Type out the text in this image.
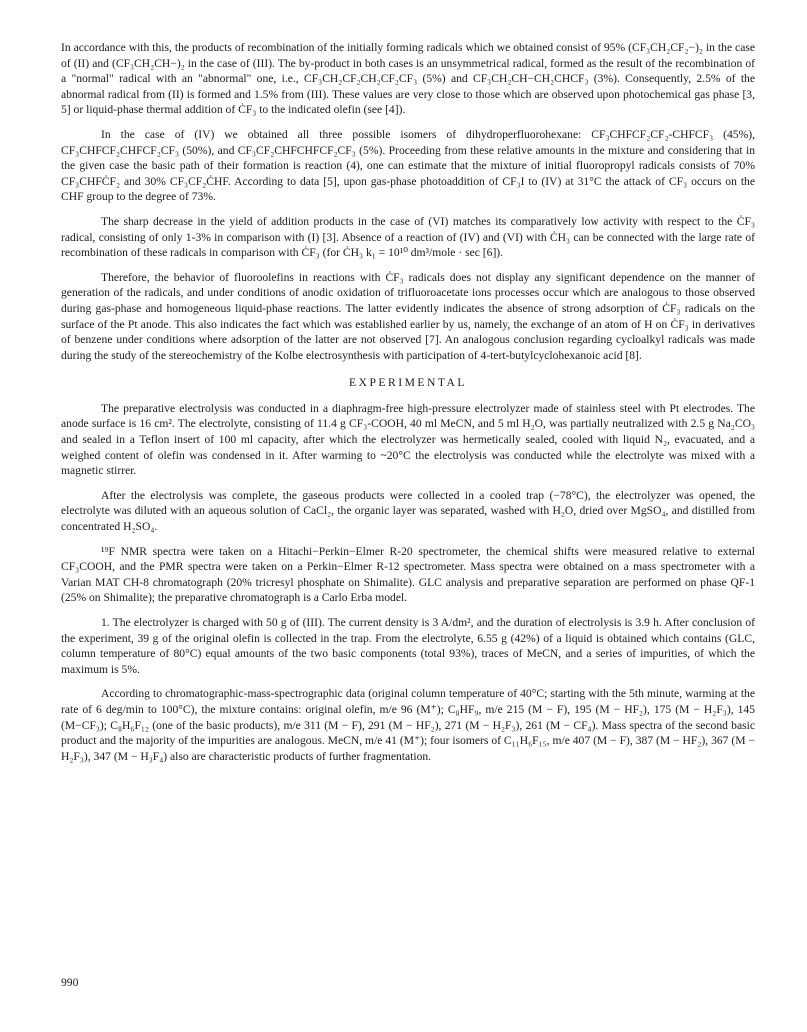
In accordance with this, the products of recombination of the initially forming radicals which we obtained consist of 95% (CF₃CH₂CF₂−)₂ in the case of (II) and (CF₃CH₂CH−)₂ in the case of (III). The by-product in both cases is an unsymmetrical radical, formed as the result of the recombination of a "normal" radical with an "abnormal" one, i.e., CF₃CH₂CF₂CH₂CF₂CF₃ (5%) and CF₃CH₂CH−CH₂CHCF₃ (3%). Consequently, 2.5% of the abnormal radical from (II) is formed and 1.5% from (III). These values are very close to those which are observed upon photochemical gas phase [3, 5] or liquid-phase thermal addition of ĊF₃ to the indicated olefin (see [4]).

In the case of (IV) we obtained all three possible isomers of dihydroperfluorohexane: CF₃CHFCF₂CF₂-CHFCF₃ (45%), CF₃CHFCF₂CHFCF₂CF₃ (50%), and CF₃CF₂CHFCHFCF₂CF₃ (5%). Proceeding from these relative amounts in the mixture and considering that in the given case the basic path of their formation is reaction (4), one can estimate that the mixture of initial fluoropropyl radicals consists of 70% CF₃CHFĊF₂ and 30% CF₃CF₂ĊHF. According to data [5], upon gas-phase photoaddition of CF₃I to (IV) at 31°C the attack of CF₃ occurs on the CHF group to the degree of 73%.

The sharp decrease in the yield of addition products in the case of (VI) matches its comparatively low activity with respect to the ĊF₃ radical, consisting of only 1-3% in comparison with (I) [3]. Absence of a reaction of (IV) and (VI) with ĊH₃ can be connected with the large rate of recombination of these radicals in comparison with ĊF₃ (for ĊH₃ k₁ = 10¹⁰ dm³/mole · sec [6]).

Therefore, the behavior of fluoroolefins in reactions with ĊF₃ radicals does not display any significant dependence on the manner of generation of the radicals, and under conditions of anodic oxidation of trifluoroacetate ions processes occur which are analogous to those observed during gas-phase and homogeneous liquid-phase reactions. The latter evidently indicates the absence of strong adsorption of ĊF₃ radicals on the surface of the Pt anode. This also indicates the fact which was established earlier by us, namely, the exchange of an atom of H on ĊF₃ in derivatives of benzene under conditions where adsorption of the latter are not observed [7]. An analogous conclusion regarding cycloalkyl radicals was made during the study of the stereochemistry of the Kolbe electrosynthesis with participation of 4-tert-butylcyclohexanoic acid [8].

EXPERIMENTAL

The preparative electrolysis was conducted in a diaphragm-free high-pressure electrolyzer made of stainless steel with Pt electrodes. The anode surface is 16 cm². The electrolyte, consisting of 11.4 g CF₃-COOH, 40 ml MeCN, and 5 ml H₂O, was partially neutralized with 2.5 g Na₂CO₃ and sealed in a Teflon insert of 100 ml capacity, after which the electrolyzer was hermetically sealed, cooled with liquid N₂, evacuated, and a weighed content of olefin was condensed in it. After warming to ~20°C the electrolysis was conducted while the electrolyte was mixed with a magnetic stirrer.

After the electrolysis was complete, the gaseous products were collected in a cooled trap (−78°C), the electrolyzer was opened, the electrolyte was diluted with an aqueous solution of CaCl₂, the organic layer was separated, washed with H₂O, dried over MgSO₄, and distilled from concentrated H₂SO₄.

¹⁹F NMR spectra were taken on a Hitachi−Perkin−Elmer R-20 spectrometer, the chemical shifts were measured relative to external CF₃COOH, and the PMR spectra were taken on a Perkin−Elmer R-12 spectrometer. Mass spectra were obtained on a mass spectrometer with a Varian MAT CH-8 chromatograph (20% tricresyl phosphate on Shimalite). GLC analysis and preparative separation are performed on phase QF-1 (25% on Shimalite); the preparative chromatograph is a Carlo Erba model.

1. The electrolyzer is charged with 50 g of (III). The current density is 3 A/dm², and the duration of electrolysis is 3.9 h. After conclusion of the experiment, 39 g of the original olefin is collected in the trap. From the electrolyte, 6.55 g (42%) of a liquid is obtained which contains (GLC, column temperature of 80°C) equal amounts of the two basic components (total 93%), traces of MeCN, and a series of impurities, of which the maximum is 5%.

According to chromatographic-mass-spectrographic data (original column temperature of 40°C; starting with the 5th minute, warming at the rate of 6 deg/min to 100°C), the mixture contains: original olefin, m/e 96 (M⁺); C₈HF₉, m/e 215 (M − F), 195 (M − HF₂), 175 (M − H₂F₃), 145 (M−CF₃); C₈H₆F₁₂ (one of the basic products), m/e 311 (M − F), 291 (M − HF₂), 271 (M − H₂F₃), 261 (M − CF₄). Mass spectra of the second basic product and the majority of the impurities are analogous. MeCN, m/e 41 (M⁺); four isomers of C₁₁H₆F₁₅, m/e 407 (M − F), 387 (M − HF₂), 367 (M − H₂F₃), 347 (M − H₃F₄) also are characteristic products of further fragmentation.

990
